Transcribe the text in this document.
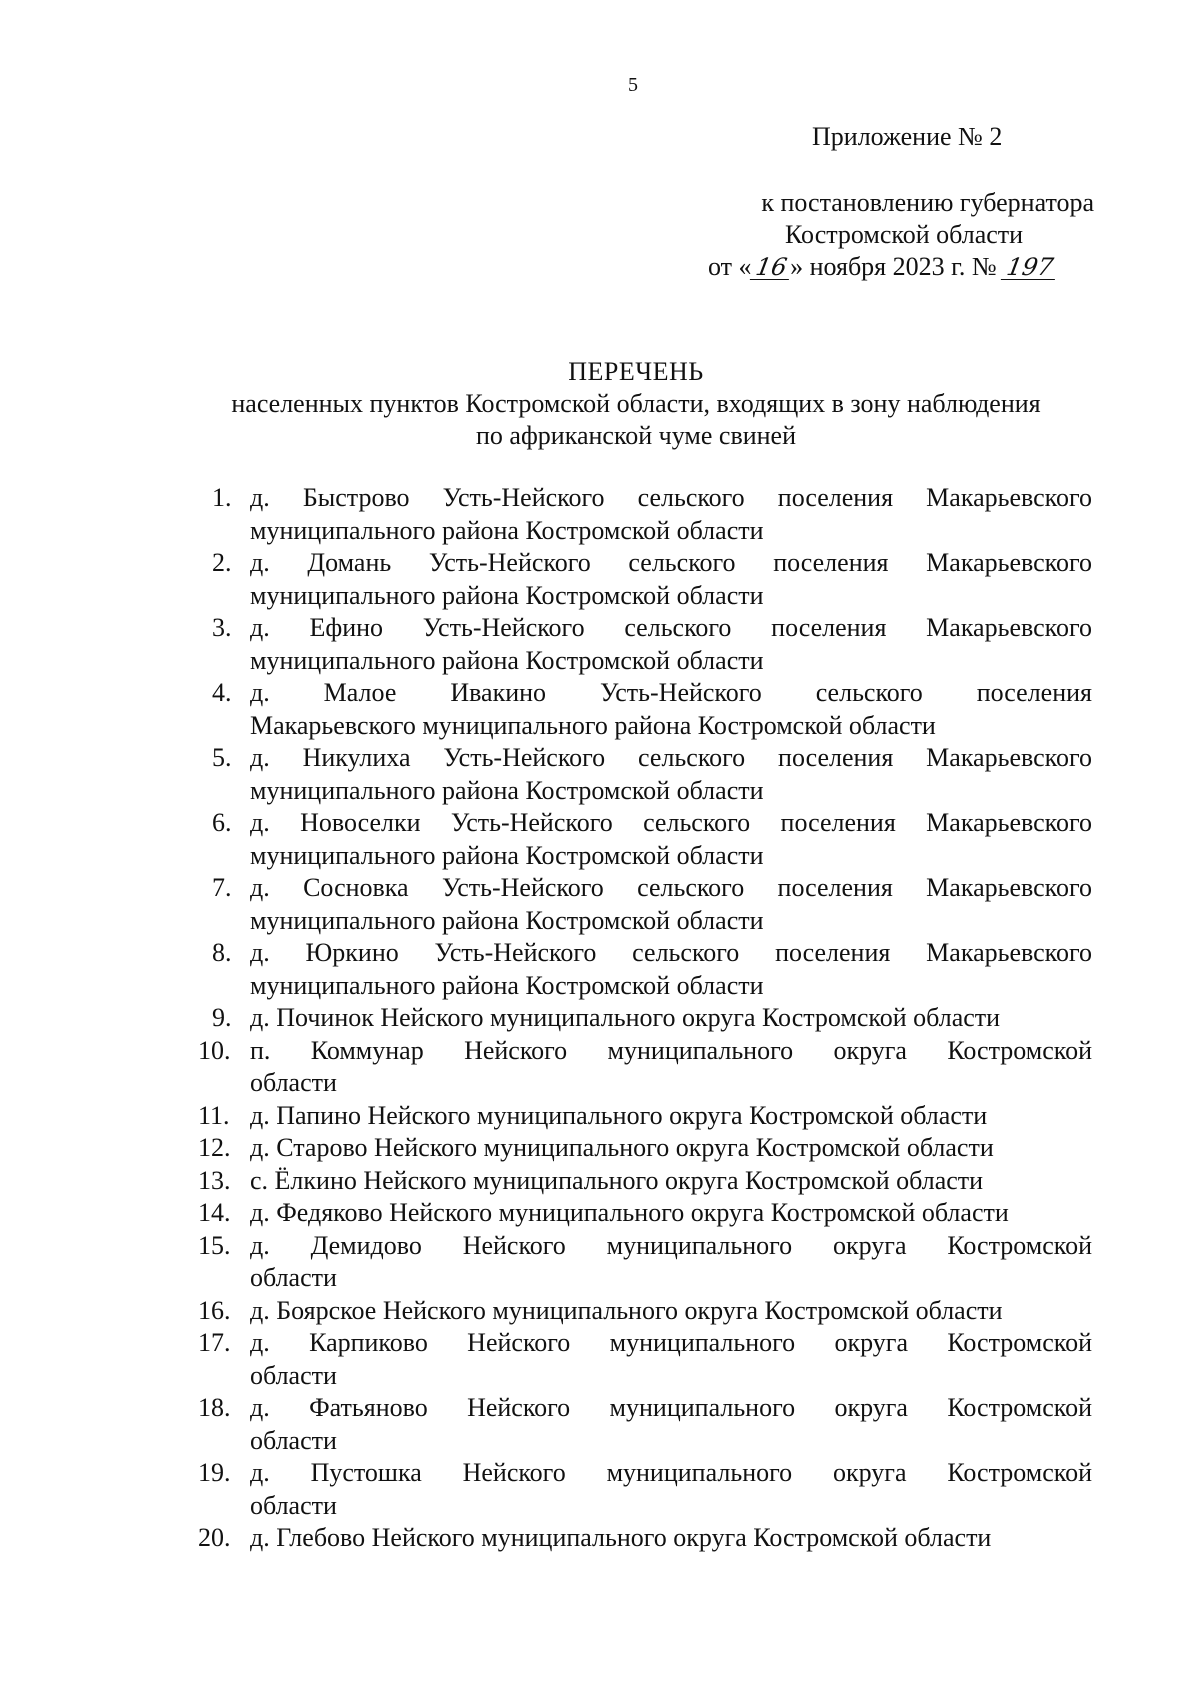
5
Приложение № 2
к постановлению губернатора
Костромской области
от «16» ноября 2023 г. № 197
ПЕРЕЧЕНЬ
населенных пунктов Костромской области, входящих в зону наблюдения
по африканской чуме свиней
1. д. Быстрово Усть-Нейского сельского поселения Макарьевского
муниципального района Костромской области
2. д. Домань Усть-Нейского сельского поселения Макарьевского
муниципального района Костромской области
3. д. Ефино Усть-Нейского сельского поселения Макарьевского
муниципального района Костромской области
4. д. Малое Ивакино Усть-Нейского сельского поселения
Макарьевского муниципального района Костромской области
5. д. Никулиха Усть-Нейского сельского поселения Макарьевского
муниципального района Костромской области
6. д. Новоселки Усть-Нейского сельского поселения Макарьевского
муниципального района Костромской области
7. д. Сосновка Усть-Нейского сельского поселения Макарьевского
муниципального района Костромской области
8. д. Юркино Усть-Нейского сельского поселения Макарьевского
муниципального района Костромской области
9. д. Починок Нейского муниципального округа Костромской области
10. п. Коммунар Нейского муниципального округа Костромской
области
11. д. Папино Нейского муниципального округа Костромской области
12. д. Старово Нейского муниципального округа Костромской области
13. с. Ёлкино Нейского муниципального округа Костромской области
14. д. Федяково Нейского муниципального округа Костромской области
15. д. Демидово Нейского муниципального округа Костромской
области
16. д. Боярское Нейского муниципального округа Костромской области
17. д. Карпиково Нейского муниципального округа Костромской
области
18. д. Фатьяново Нейского муниципального округа Костромской
области
19. д. Пустошка Нейского муниципального округа Костромской
области
20. д. Глебово Нейского муниципального округа Костромской области
